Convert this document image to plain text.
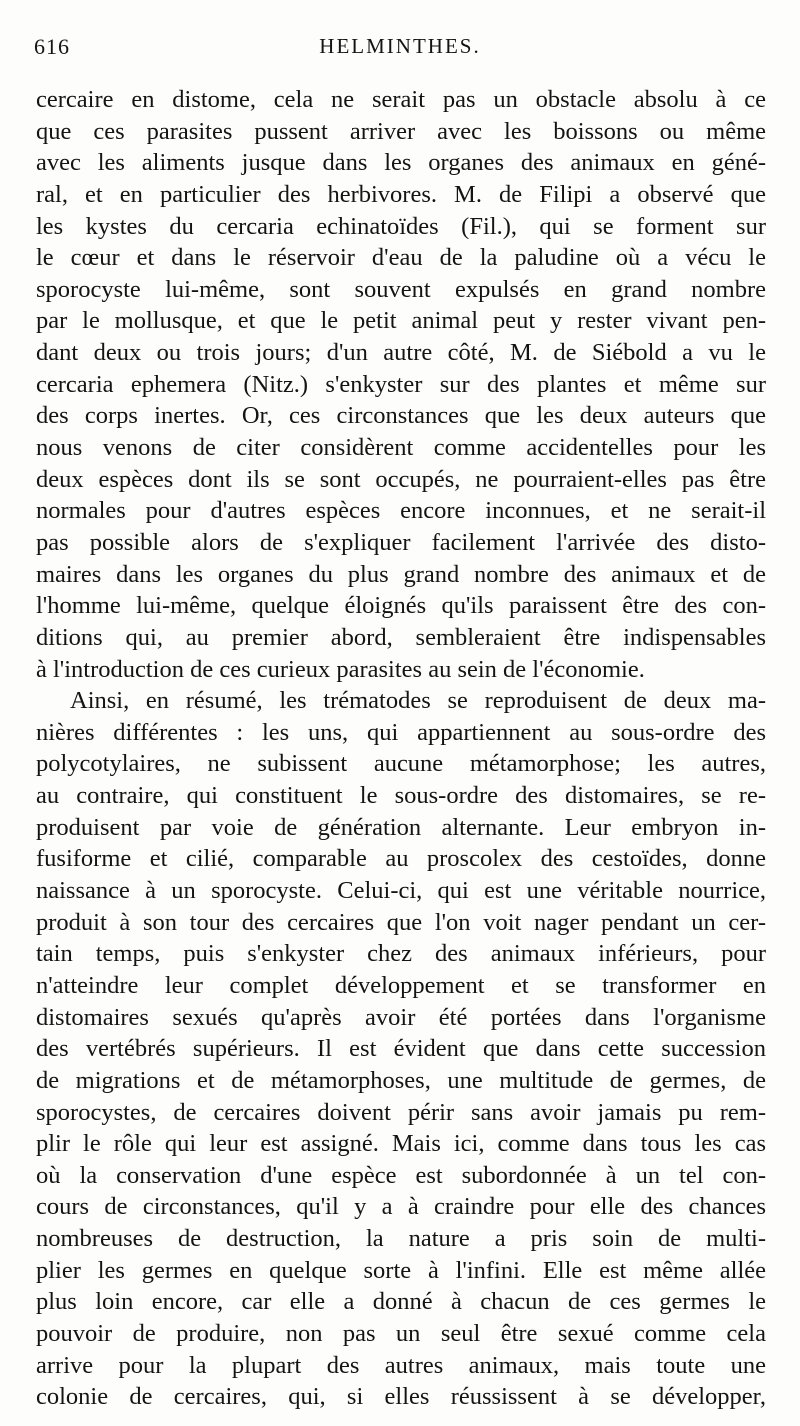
616	HELMINTHES.
cercaire en distome, cela ne serait pas un obstacle absolu à ce
que ces parasites pussent arriver avec les boissons ou même
avec les aliments jusque dans les organes des animaux en géné-
ral, et en particulier des herbivores. M. de Filipi a observé que
les kystes du cercaria echinatoïdes (Fil.), qui se forment sur
le cœur et dans le réservoir d'eau de la paludine où a vécu le
sporocyste lui-même, sont souvent expulsés en grand nombre
par le mollusque, et que le petit animal peut y rester vivant pen-
dant deux ou trois jours; d'un autre côté, M. de Siébold a vu le
cercaria ephemera (Nitz.) s'enkyster sur des plantes et même sur
des corps inertes. Or, ces circonstances que les deux auteurs que
nous venons de citer considèrent comme accidentelles pour les
deux espèces dont ils se sont occupés, ne pourraient-elles pas être
normales pour d'autres espèces encore inconnues, et ne serait-il
pas possible alors de s'expliquer facilement l'arrivée des disto-
maires dans les organes du plus grand nombre des animaux et de
l'homme lui-même, quelque éloignés qu'ils paraissent être des con-
ditions qui, au premier abord, sembleraient être indispensables
à l'introduction de ces curieux parasites au sein de l'économie.
Ainsi, en résumé, les trématodes se reproduisent de deux ma-
nières différentes : les uns, qui appartiennent au sous-ordre des
polycotylaires, ne subissent aucune métamorphose; les autres,
au contraire, qui constituent le sous-ordre des distomaires, se re-
produisent par voie de génération alternante. Leur embryon in-
fusiforme et cilié, comparable au proscolex des cestoïdes, donne
naissance à un sporocyste. Celui-ci, qui est une véritable nourrice,
produit à son tour des cercaires que l'on voit nager pendant un cer-
tain temps, puis s'enkyster chez des animaux inférieurs, pour
n'atteindre leur complet développement et se transformer en
distomaires sexués qu'après avoir été portées dans l'organisme
des vertébrés supérieurs. Il est évident que dans cette succession
de migrations et de métamorphoses, une multitude de germes, de
sporocystes, de cercaires doivent périr sans avoir jamais pu rem-
plir le rôle qui leur est assigné. Mais ici, comme dans tous les cas
où la conservation d'une espèce est subordonnée à un tel con-
cours de circonstances, qu'il y a à craindre pour elle des chances
nombreuses de destruction, la nature a pris soin de multi-
plier les germes en quelque sorte à l'infini. Elle est même allée
plus loin encore, car elle a donné à chacun de ces germes le
pouvoir de produire, non pas un seul être sexué comme cela
arrive pour la plupart des autres animaux, mais toute une
colonie de cercaires, qui, si elles réussissent à se développer,
